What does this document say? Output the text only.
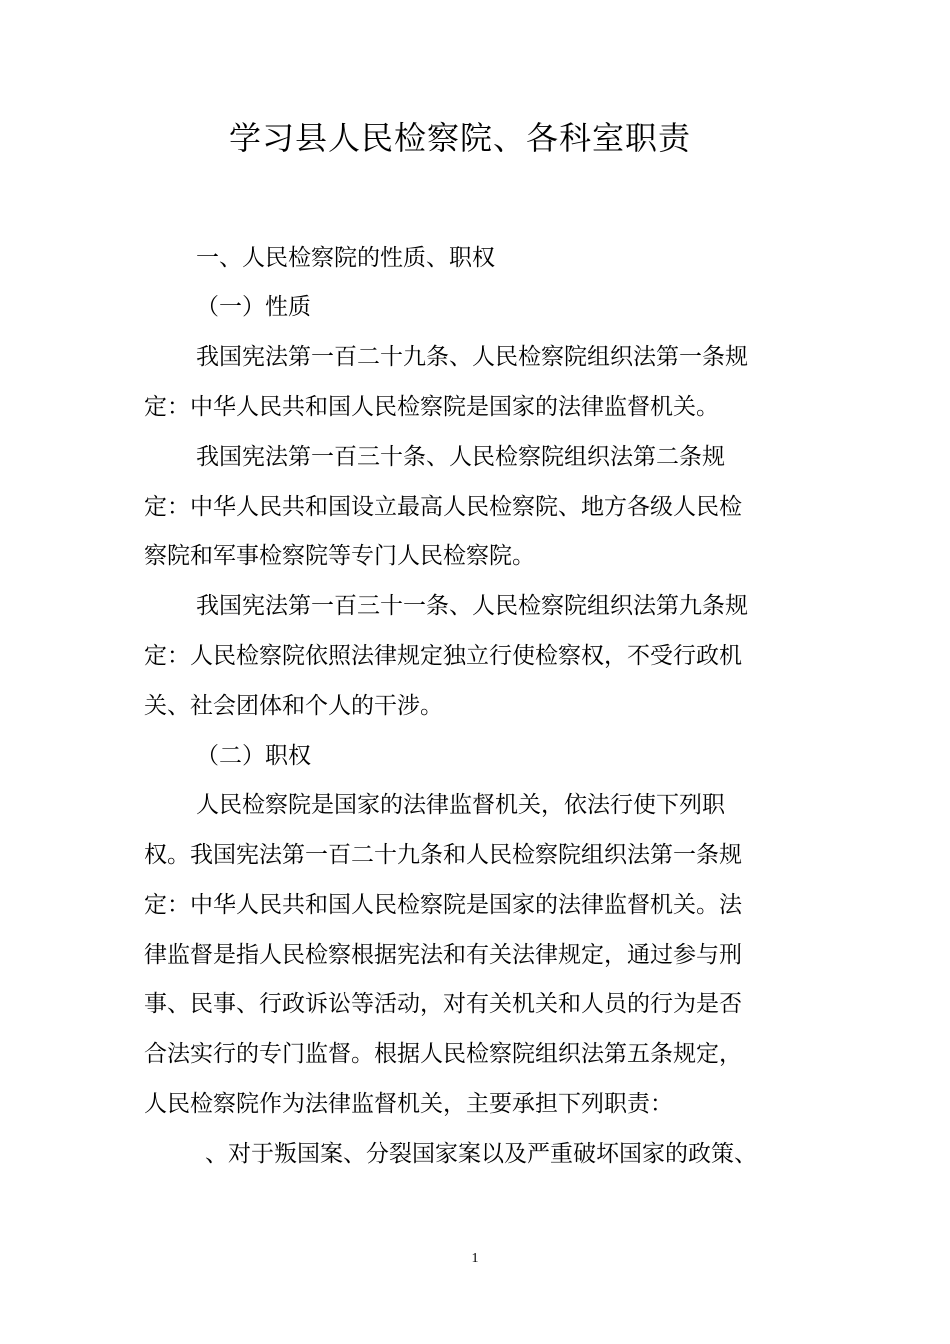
学习县人民检察院、各科室职责
一、人民检察院的性质、职权
（一）性质
我国宪法第一百二十九条、人民检察院组织法第一条规
定：中华人民共和国人民检察院是国家的法律监督机关。
我国宪法第一百三十条、人民检察院组织法第二条规
定：中华人民共和国设立最高人民检察院、地方各级人民检
察院和军事检察院等专门人民检察院。
我国宪法第一百三十一条、人民检察院组织法第九条规
定：人民检察院依照法律规定独立行使检察权，不受行政机
关、社会团体和个人的干涉。
（二）职权
人民检察院是国家的法律监督机关，依法行使下列职
权。我国宪法第一百二十九条和人民检察院组织法第一条规
定：中华人民共和国人民检察院是国家的法律监督机关。法
律监督是指人民检察根据宪法和有关法律规定，通过参与刑
事、民事、行政诉讼等活动，对有关机关和人员的行为是否
合法实行的专门监督。根据人民检察院组织法第五条规定，
人民检察院作为法律监督机关，主要承担下列职责：
、对于叛国案、分裂国家案以及严重破坏国家的政策、
1
